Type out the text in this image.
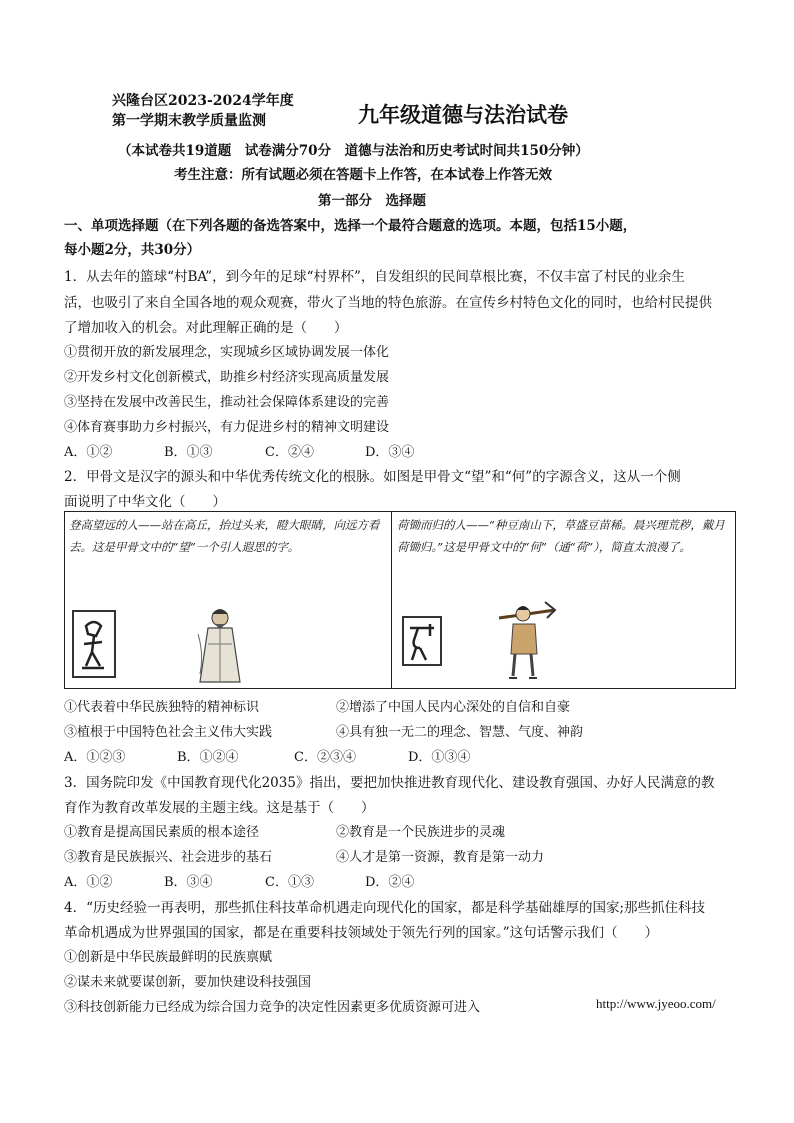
兴隆台区2023-2024学年度
第一学期末教学质量监测	九年级道德与法治试卷
（本试卷共19道题　试卷满分70分　道德与法治和历史考试时间共150分钟）
考生注意：所有试题必须在答题卡上作答，在本试卷上作答无效
第一部分　选择题
一、单项选择题（在下列各题的备选答案中，选择一个最符合题意的选项。本题，包括15小题，
每小题2分，共30分）
1．从去年的篮球“村BA”，到今年的足球“村界杯”，自发组织的民间草根比赛，不仅丰富了村民的业余生
活，也吸引了来自全国各地的观众观赛，带火了当地的特色旅游。在宣传乡村特色文化的同时，也给村民提供
了增加收入的机会。对此理解正确的是（　　）
①贯彻开放的新发展理念，实现城乡区域协调发展一体化
②开发乡村文化创新模式，助推乡村经济实现高质量发展
③坚持在发展中改善民生，推动社会保障体系建设的完善
④体育赛事助力乡村振兴，有力促进乡村的精神文明建设
A．①②	B．①③	C．②④	D．③④
2．甲骨文是汉字的源头和中华优秀传统文化的根脉。如图是甲骨文“望”和“何”的字源含义，这从一个侧
面说明了中华文化（　　）
登高望远的人——站在高丘，抬过头来，瞪大眼睛，向远方看去。这是甲骨文中的“望”一个引人遐思的字。
荷锄而归的人——“种豆南山下，草盛豆苗稀。晨兴理荒秽，戴月荷锄归。”这是甲骨文中的“何”（通“荷”），简直太浪漫了。
①代表着中华民族独特的精神标识	②增添了中国人民内心深处的自信和自豪
③植根于中国特色社会主义伟大实践	④具有独一无二的理念、智慧、气度、神韵
A．①②③	B．①②④	C．②③④	D．①③④
3．国务院印发《中国教育现代化2035》指出，要把加快推进教育现代化、建设教育强国、办好人民满意的教
育作为教育改革发展的主题主线。这是基于（　　）
①教育是提高国民素质的根本途径	②教育是一个民族进步的灵魂
③教育是民族振兴、社会进步的基石	④人才是第一资源，教育是第一动力
A．①②	B．③④	C．①③	D．②④
4．“历史经验一再表明，那些抓住科技革命机遇走向现代化的国家，都是科学基础雄厚的国家;那些抓住科技
革命机遇成为世界强国的国家，都是在重要科技领域处于领先行列的国家。”这句话警示我们（　　）
①创新是中华民族最鲜明的民族禀赋
②谋未来就要谋创新，要加快建设科技强国
③科技创新能力已经成为综合国力竞争的决定性因素更多优质资源可进入	http://www.jyeoo.com/
